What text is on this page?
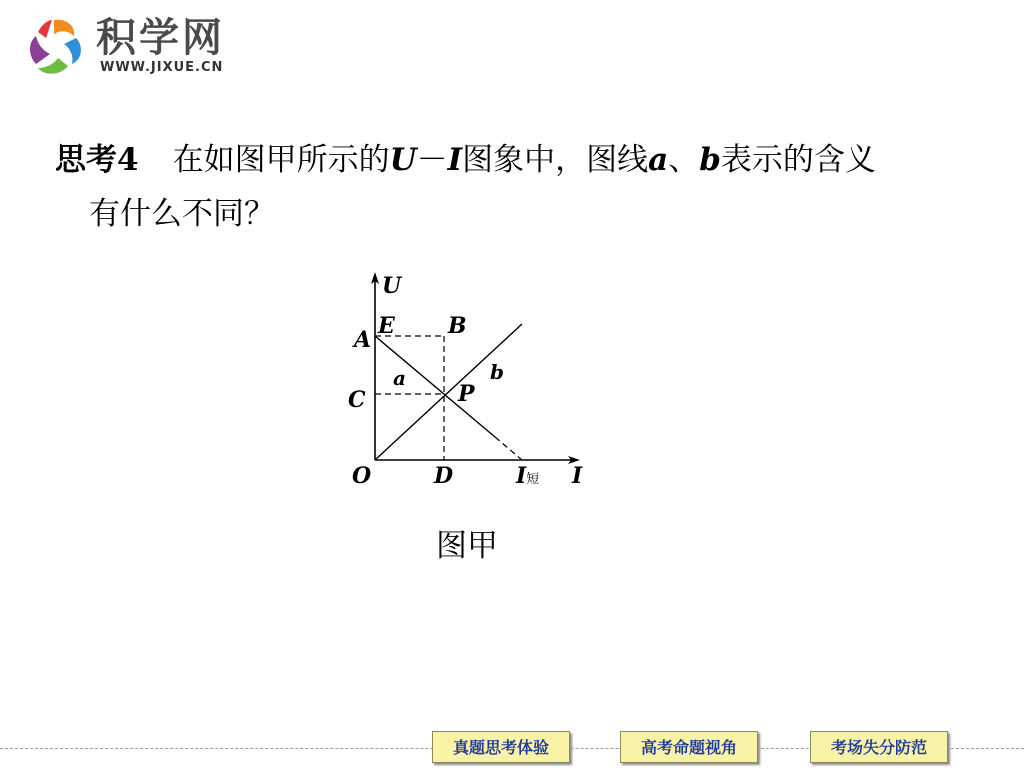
积学网
WWW.JIXUE.CN
思考4 在如图甲所示的U－I图象中，图线a、b表示的含义
有什么不同？
U
E B
A
a	b
P
C
O	D	I短 I
图甲
真题思考体验	高考命题视角	考场失分防范
